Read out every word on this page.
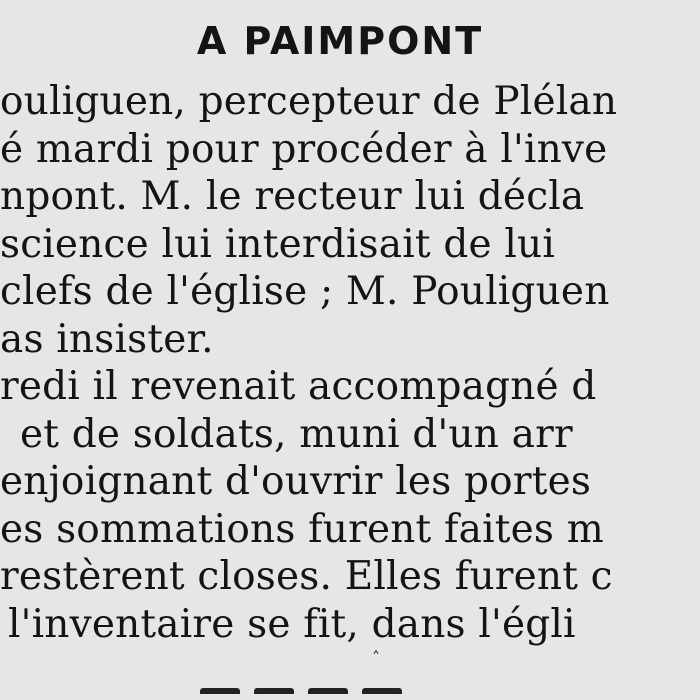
A PAIMPONT
ouliguen, percepteur de Plélan
é mardi pour procéder à l'inve
npont. M. le recteur lui décla
science lui interdisait de lui
clefs de l'église ; M. Pouliguen
as insister.
redi il revenait accompagné d
et de soldats, muni d'un arr
enjoignant d'ouvrir les portes
es sommations furent faites m
restèrent closes. Elles furent c
l'inventaire se fit, dans l'égli
˄
